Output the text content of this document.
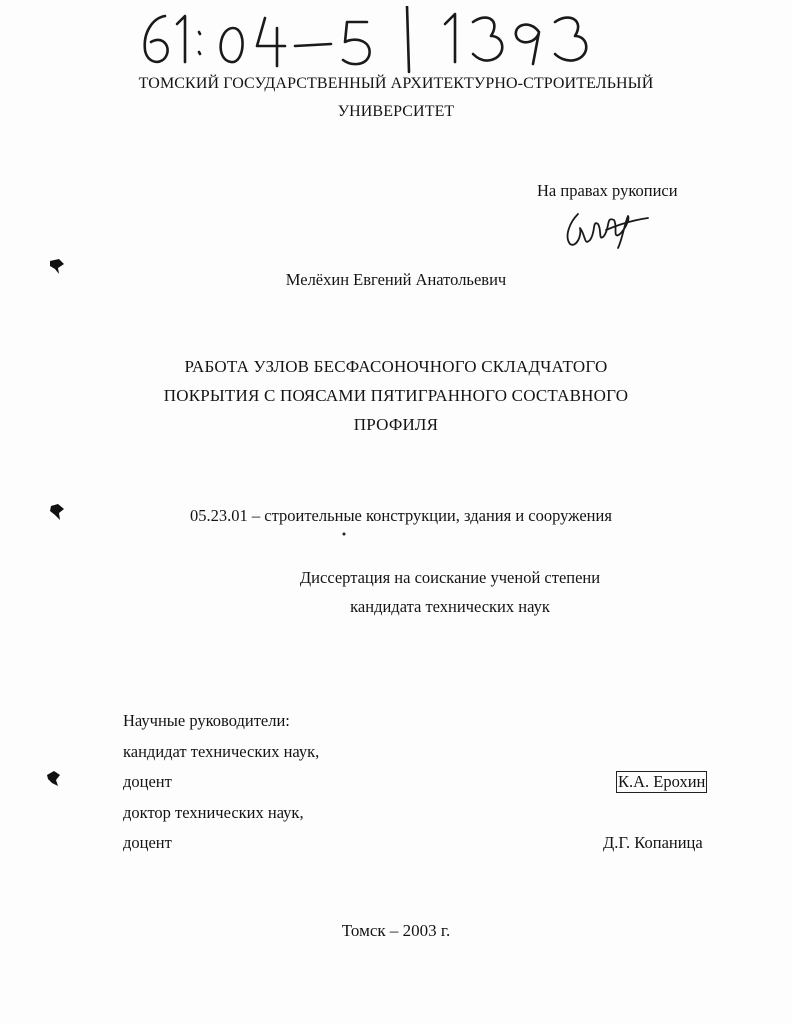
ТОМСКИЙ ГОСУДАРСТВЕННЫЙ АРХИТЕКТУРНО-СТРОИТЕЛЬНЫЙ
УНИВЕРСИТЕТ
На правах рукописи
Мелёхин Евгений Анатольевич
РАБОТА УЗЛОВ БЕСФАСОНОЧНОГО СКЛАДЧАТОГО
ПОКРЫТИЯ С ПОЯСАМИ ПЯТИГРАННОГО СОСТАВНОГО
ПРОФИЛЯ
05.23.01 – строительные конструкции, здания и сооружения
Диссертация на соискание ученой степени
кандидата технических наук
Научные руководители:
кандидат технических наук,
доцент	К.А. Ерохин
доктор технических наук,
доцент	Д.Г. Копаница
Томск – 2003 г.
